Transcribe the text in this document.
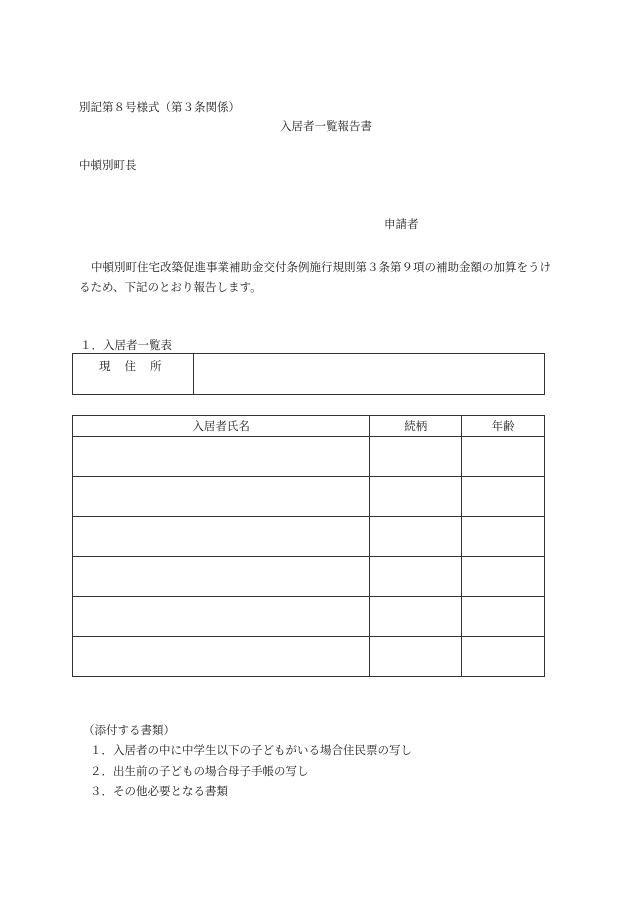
別記第８号様式（第３条関係）
入居者一覧報告書
中頓別町長
申請者
中頓別町住宅改築促進事業補助金交付条例施行規則第３条第９項の補助金額の加算をうけるため、下記のとおり報告します。
１．入居者一覧表
現住所

入居者氏名	続柄	年齢

（添付する書類）
１．入居者の中に中学生以下の子どもがいる場合住民票の写し
２．出生前の子どもの場合母子手帳の写し
３．その他必要となる書類
